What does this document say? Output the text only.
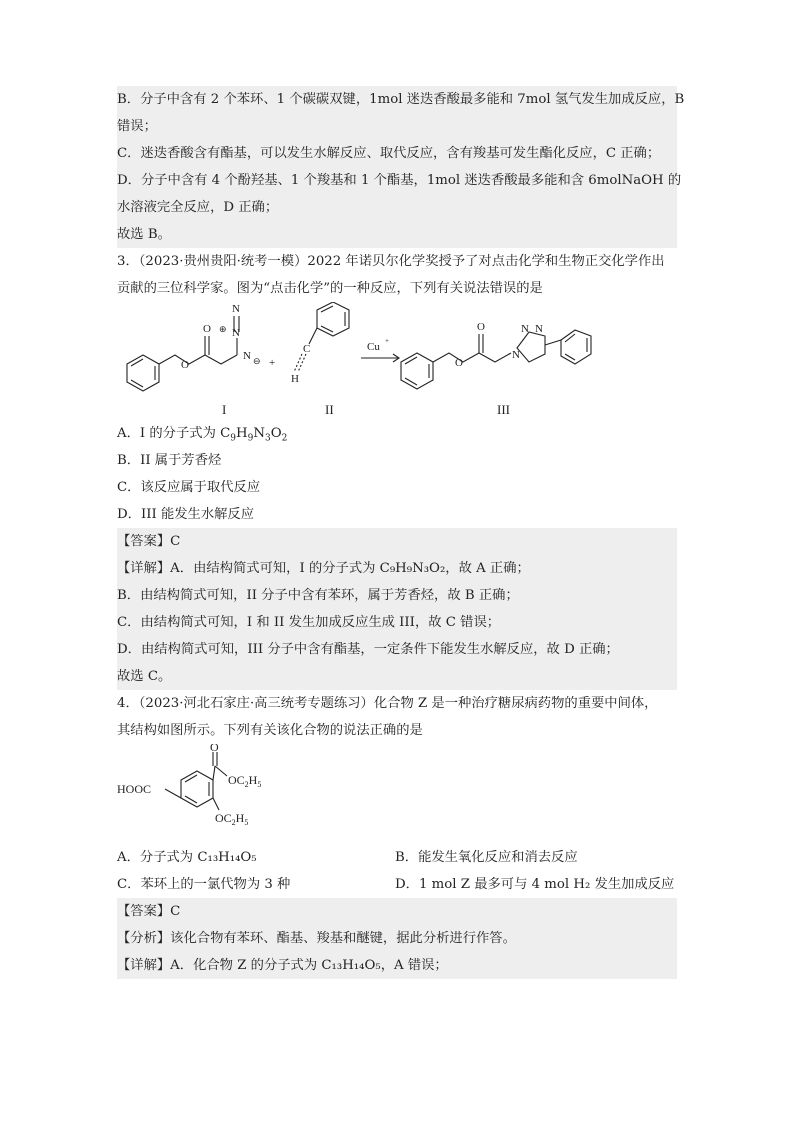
B．分子中含有 2 个苯环、1 个碳碳双键，1mol 迷迭香酸最多能和 7mol 氢气发生加成反应，B
错误；
C．迷迭香酸含有酯基，可以发生水解反应、取代反应，含有羧基可发生酯化反应，C 正确；
D．分子中含有 4 个酚羟基、1 个羧基和 1 个酯基，1mol 迷迭香酸最多能和含 6molNaOH 的
水溶液完全反应，D 正确；
故选 B。
3．（2023·贵州贵阳·统考一模）2022 年诺贝尔化学奖授予了对点击化学和生物正交化学作出
贡献的三位科学家。图为“点击化学”的一种反应，下列有关说法错误的是
O
O
N
N
⊕
N ⊖ +
C
H
Cu +
O
O
N
N N
I	II	III
A．I 的分子式为 $C_9H_9N_3O_2$
B．II 属于芳香烃
C．该反应属于取代反应
D．III 能发生水解反应
【答案】C
【详解】A．由结构简式可知，I 的分子式为 C₉H₉N₃O₂，故 A 正确；
B．由结构简式可知，II 分子中含有苯环，属于芳香烃，故 B 正确；
C．由结构简式可知，I 和 II 发生加成反应生成 III，故 C 错误；
D．由结构简式可知，III 分子中含有酯基，一定条件下能发生水解反应，故 D 正确；
故选 C。
4．（2023·河北石家庄·高三统考专题练习）化合物 Z 是一种治疗糖尿病药物的重要中间体，
其结构如图所示。下列有关该化合物的说法正确的是
HOOC
O
$OC_2H_5$
$OC_2H_5$
A．分子式为 C₁₃H₁₄O₅	B．能发生氧化反应和消去反应
C．苯环上的一氯代物为 3 种	D．1 mol Z 最多可与 4 mol H₂ 发生加成反应
【答案】C
【分析】该化合物有苯环、酯基、羧基和醚键，据此分析进行作答。
【详解】A．化合物 Z 的分子式为 C₁₃H₁₄O₅，A 错误；
